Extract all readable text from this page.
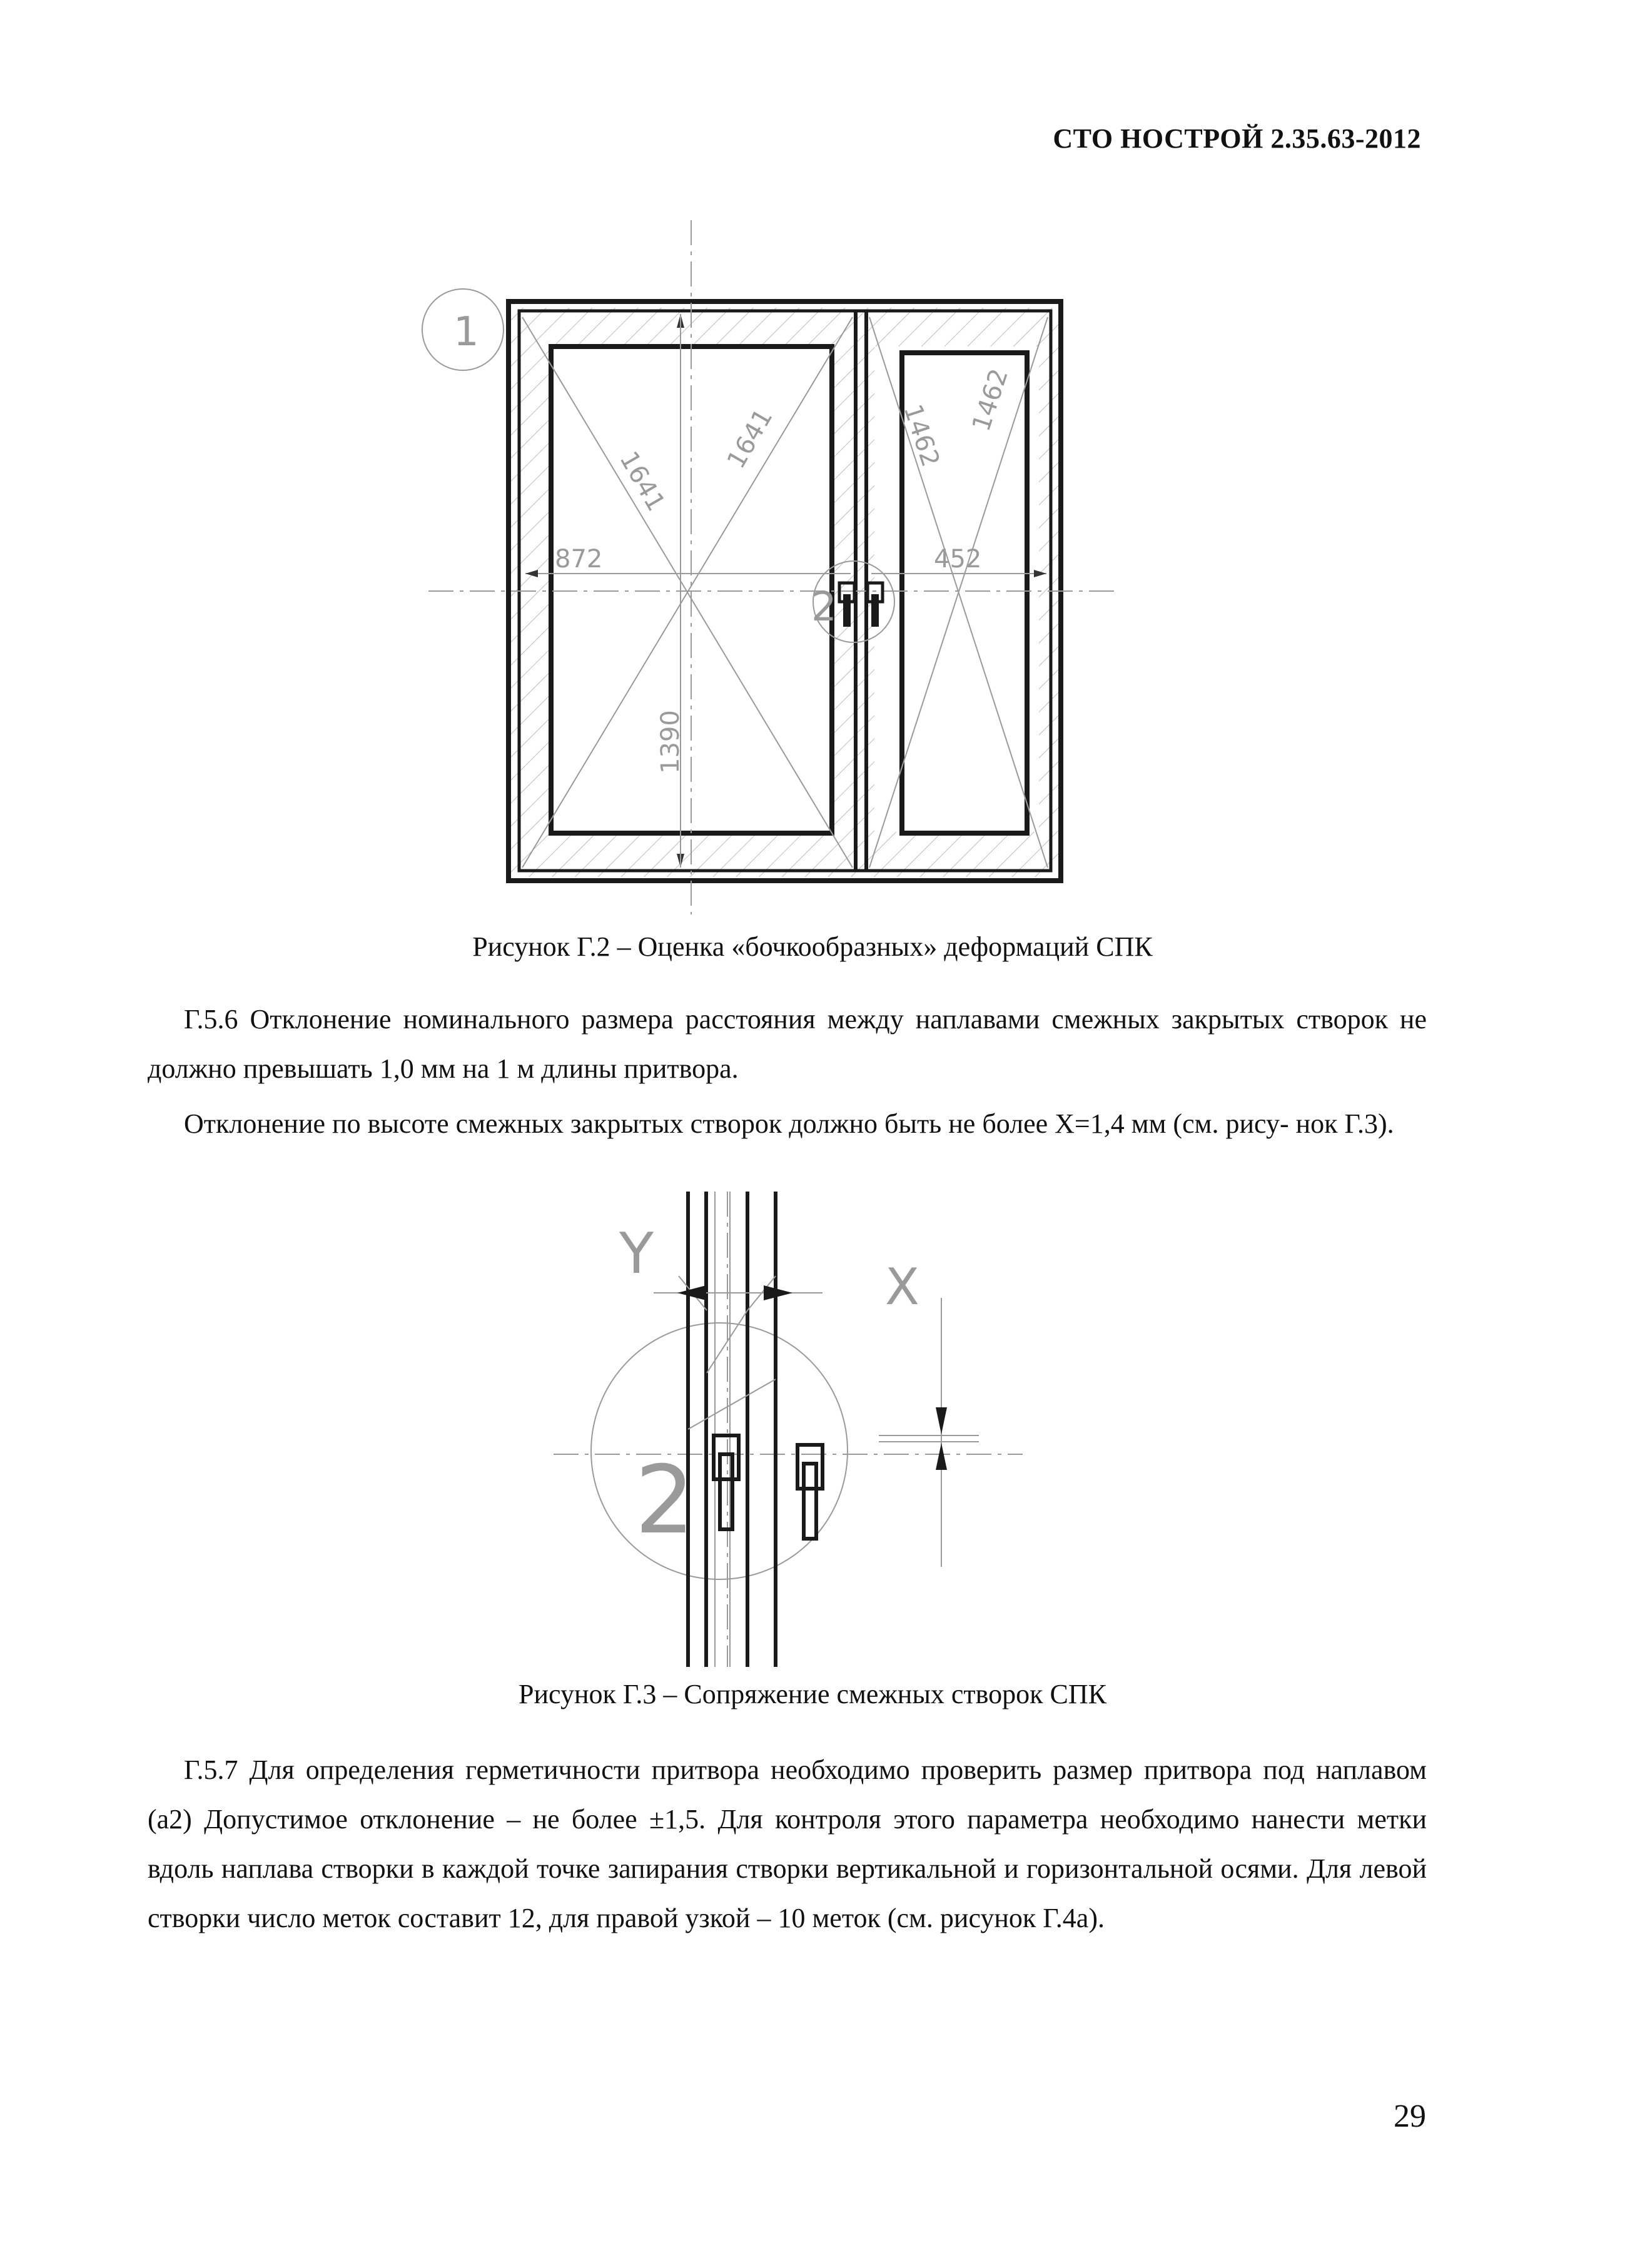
СТО НОСТРОЙ 2.35.63-2012
1
2
872	452
1641
1641
1390
1462
1462
Рисунок Г.2 – Оценка «бочкообразных» деформаций СПК

Г.5.6 Отклонение номинального размера расстояния между наплавами смежных закрытых створок не должно превышать 1,0 мм на 1 м длины притвора.

Отклонение по высоте смежных закрытых створок должно быть не более X=1,4 мм (см. рису- нок Г.3).

Y
X
2
Рисунок Г.3 – Сопряжение смежных створок СПК

Г.5.7 Для определения герметичности притвора необходимо проверить размер притвора под наплавом (а2) Допустимое отклонение – не более ±1,5. Для контроля этого параметра необходимо нанести метки вдоль наплава створки в каждой точке запирания створки вертикальной и горизонтальной осями. Для левой створки число меток составит 12, для правой узкой – 10 меток (см. рисунок Г.4а).

29
